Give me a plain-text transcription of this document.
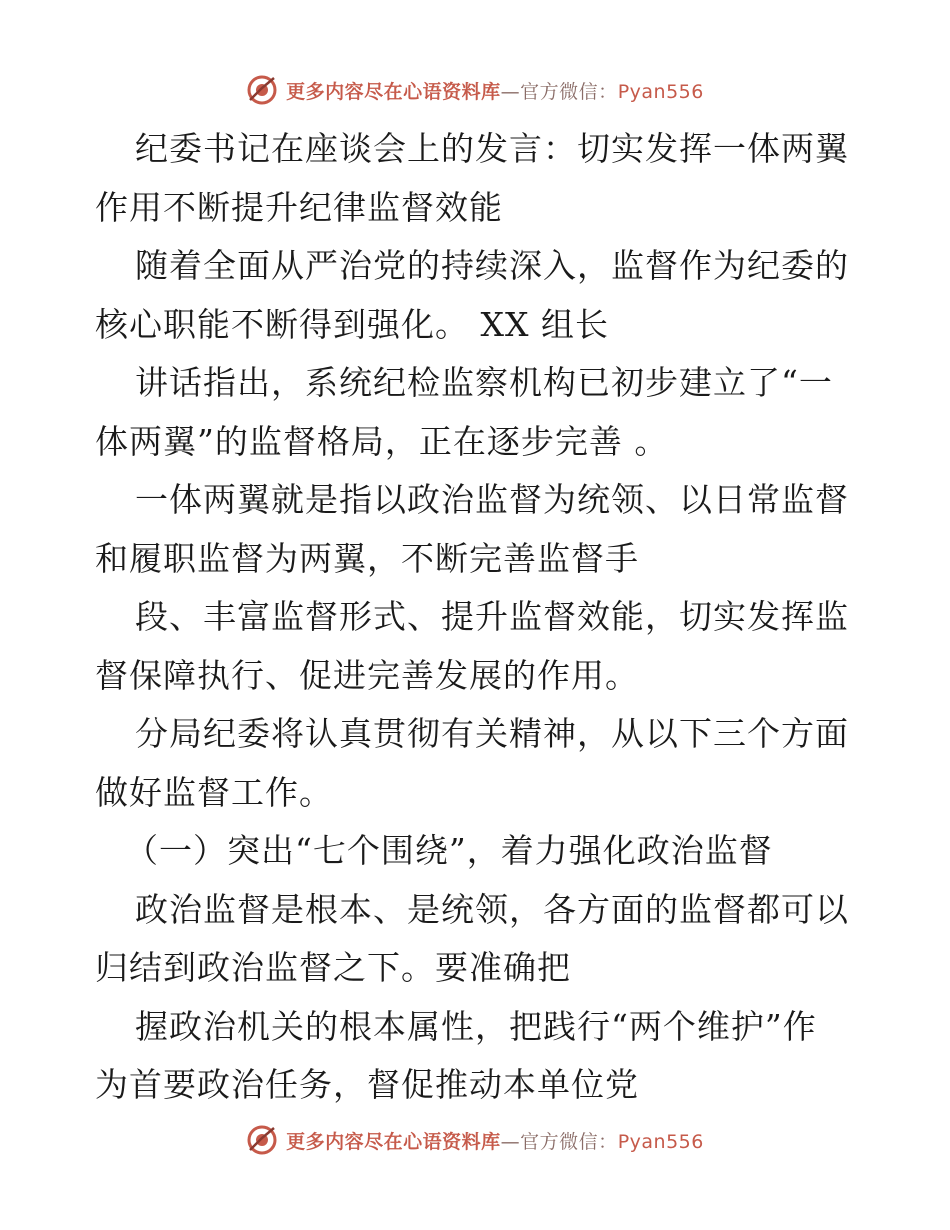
更多内容尽在心语资料库—官方微信：Pyan556
纪委书记在座谈会上的发言：切实发挥一体两翼
作用不断提升纪律监督效能
随着全面从严治党的持续深入，监督作为纪委的
核心职能不断得到强化。 XX 组长
讲话指出，系统纪检监察机构已初步建立了“一
体两翼”的监督格局，正在逐步完善 。
一体两翼就是指以政治监督为统领、以日常监督
和履职监督为两翼，不断完善监督手
段、丰富监督形式、提升监督效能，切实发挥监
督保障执行、促进完善发展的作用。
分局纪委将认真贯彻有关精神，从以下三个方面
做好监督工作。
（一）突出“七个围绕”，着力强化政治监督
政治监督是根本、是统领，各方面的监督都可以
归结到政治监督之下。要准确把
握政治机关的根本属性，把践行“两个维护”作
为首要政治任务，督促推动本单位党
更多内容尽在心语资料库—官方微信：Pyan556
